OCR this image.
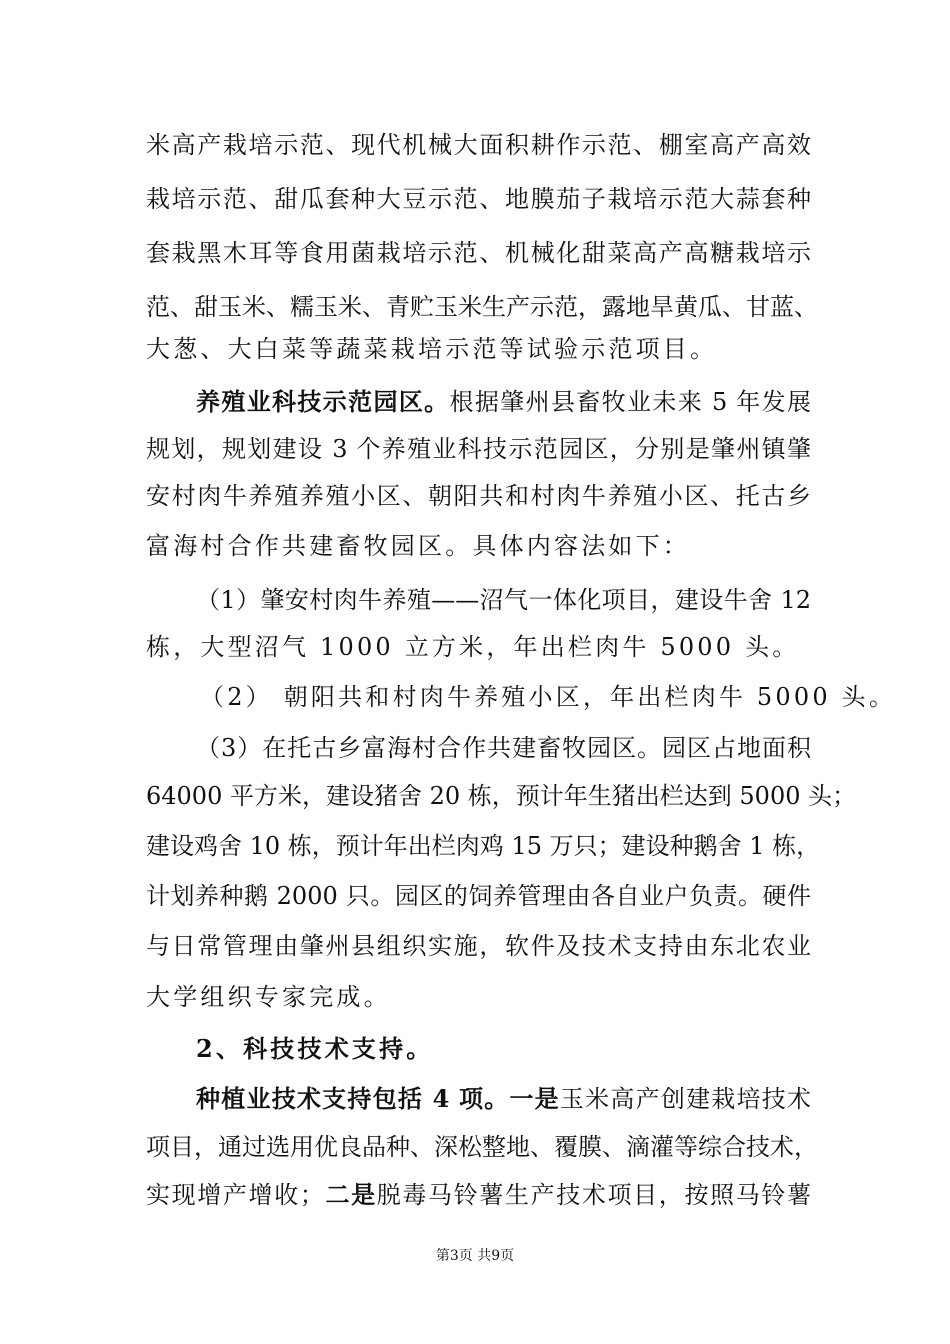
米高产栽培示范、现代机械大面积耕作示范、棚室高产高效
栽培示范、甜瓜套种大豆示范、地膜茄子栽培示范大蒜套种
套栽黑木耳等食用菌栽培示范、机械化甜菜高产高糖栽培示
范、甜玉米、糯玉米、青贮玉米生产示范，露地旱黄瓜、甘蓝、
大葱、大白菜等蔬菜栽培示范等试验示范项目。
养殖业科技示范园区。根据肇州县畜牧业未来 5 年发展
规划，规划建设 3 个养殖业科技示范园区，分别是肇州镇肇
安村肉牛养殖养殖小区、朝阳共和村肉牛养殖小区、托古乡
富海村合作共建畜牧园区。具体内容法如下：
（1）肇安村肉牛养殖——沼气一体化项目，建设牛舍 12
栋，大型沼气 1000 立方米，年出栏肉牛 5000 头。
（2） 朝阳共和村肉牛养殖小区，年出栏肉牛 5000 头。
（3）在托古乡富海村合作共建畜牧园区。园区占地面积
64000 平方米，建设猪舍 20 栋，预计年生猪出栏达到 5000 头；
建设鸡舍 10 栋，预计年出栏肉鸡 15 万只；建设种鹅舍 1 栋，
计划养种鹅 2000 只。园区的饲养管理由各自业户负责。硬件
与日常管理由肇州县组织实施，软件及技术支持由东北农业
大学组织专家完成。
2、科技技术支持。
种植业技术支持包括 4 项。一是玉米高产创建栽培技术
项目，通过选用优良品种、深松整地、覆膜、滴灌等综合技术，
实现增产增收；二是脱毒马铃薯生产技术项目，按照马铃薯
第3页 共9页
